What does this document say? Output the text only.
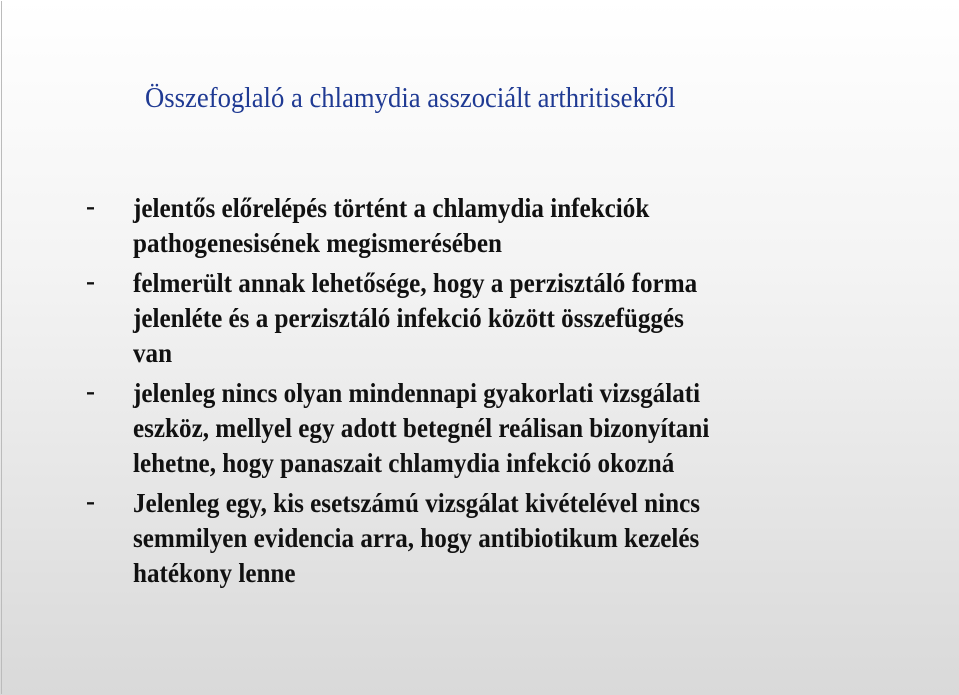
Összefoglaló a chlamydia asszociált arthritisekről
- jelentős előrelépés történt a chlamydia infekciók
pathogenesisének megismerésében
- felmerült annak lehetősége, hogy a perzisztáló forma
jelenléte és a perzisztáló infekció között összefüggés
van
- jelenleg nincs olyan mindennapi gyakorlati vizsgálati
eszköz, mellyel egy adott betegnél reálisan bizonyítani
lehetne, hogy panaszait chlamydia infekció okozná
- Jelenleg egy, kis esetszámú vizsgálat kivételével nincs
semmilyen evidencia arra, hogy antibiotikum kezelés
hatékony lenne
